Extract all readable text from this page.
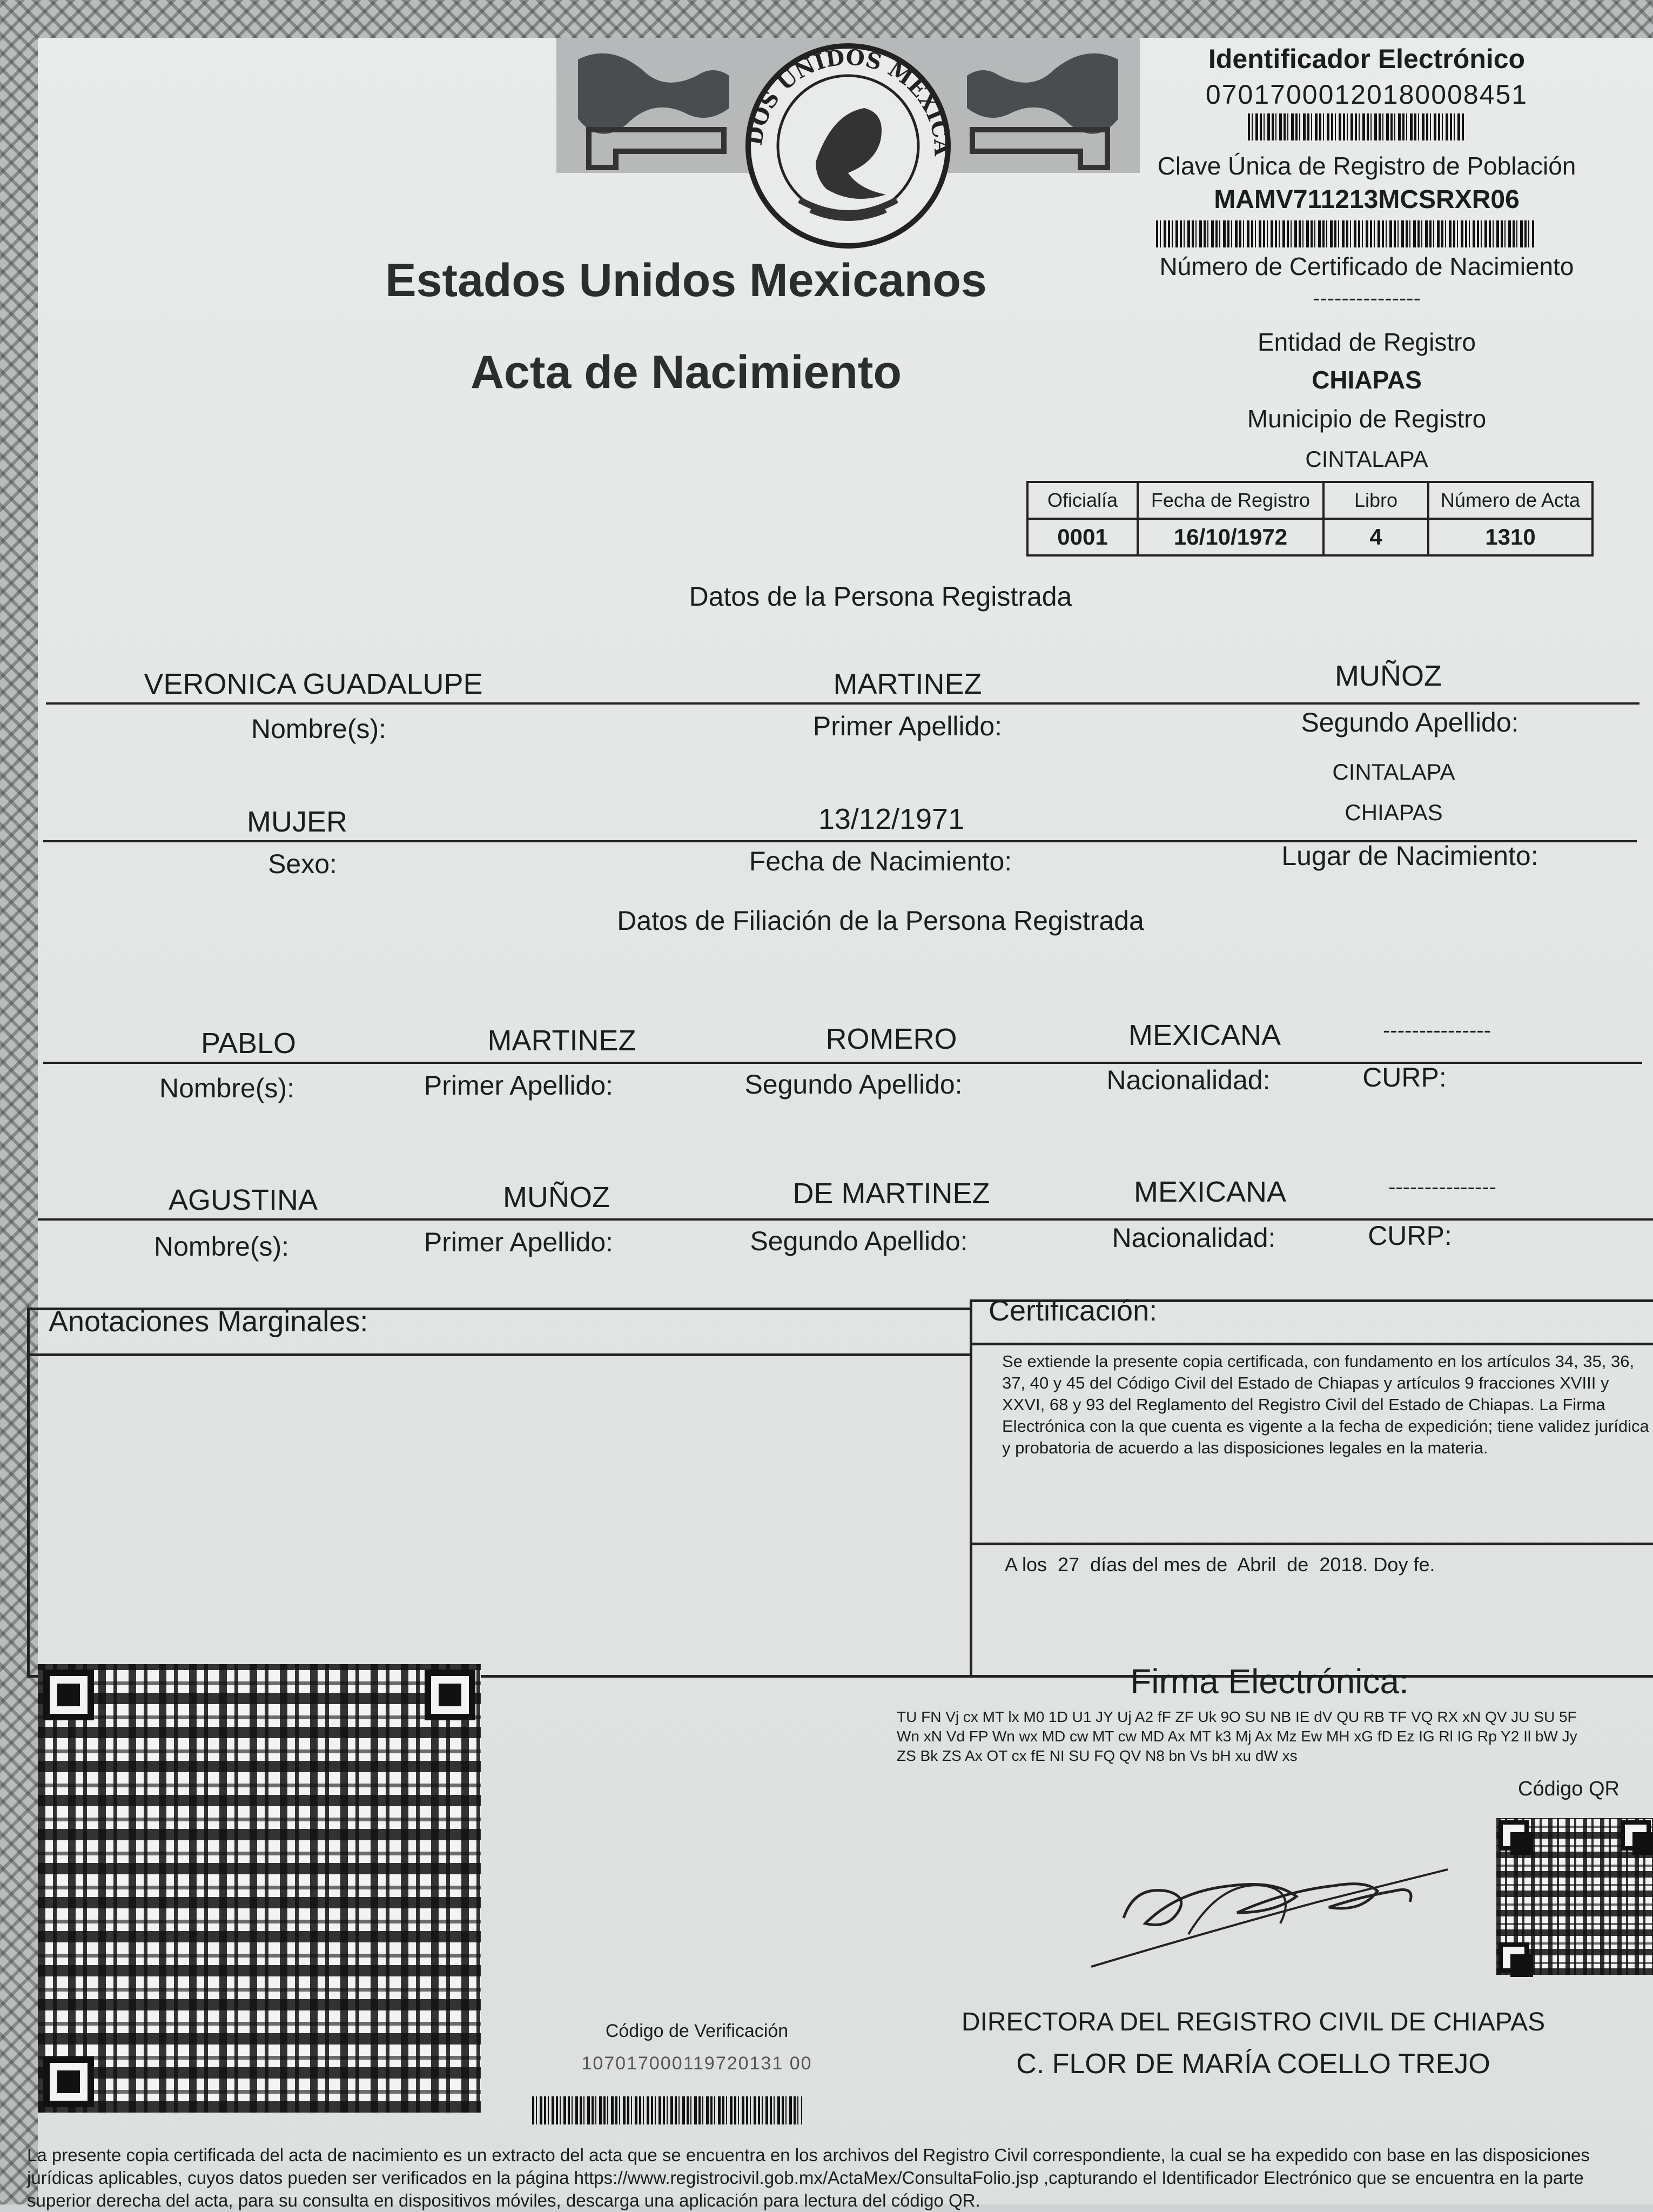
DOS UNIDOS MEXICA
Estados Unidos Mexicanos
Acta de Nacimiento
Identificador Electrónico
07017000120180008451
Clave Única de Registro de Población
MAMV711213MCSRXR06
Número de Certificado de Nacimiento
---------------
Entidad de Registro
CHIAPAS
Municipio de Registro
CINTALAPA
Oficialía	Fecha de Registro	Libro	Número de Acta
0001	16/10/1972	4	1310
Datos de la Persona Registrada
VERONICA GUADALUPE	MARTINEZ	MUÑOZ
Nombre(s):	Primer Apellido:	Segundo Apellido:
CINTALAPA
MUJER	13/12/1971	CHIAPAS
Sexo:	Fecha de Nacimiento:	Lugar de Nacimiento:
Datos de Filiación de la Persona Registrada
PABLO	MARTINEZ	ROMERO	MEXICANA	---------------
Nombre(s):	Primer Apellido:	Segundo Apellido:	Nacionalidad:	CURP:
AGUSTINA	MUÑOZ	DE MARTINEZ	MEXICANA	---------------
Nombre(s):	Primer Apellido:	Segundo Apellido:	Nacionalidad:	CURP:
Anotaciones Marginales:	Certificación:
Se extiende la presente copia certificada, con fundamento en los artículos 34, 35, 36, 37, 40 y 45 del Código Civil del Estado de Chiapas y artículos 9 fracciones XVIII y XXVI, 68 y 93 del Reglamento del Registro Civil del Estado de Chiapas. La Firma Electrónica con la que cuenta es vigente a la fecha de expedición; tiene validez jurídica y probatoria de acuerdo a las disposiciones legales en la materia.
A los  27  días del mes de  Abril  de  2018. Doy fe.
Firma Electrónica:
TU FN Vj cx MT lx M0 1D U1 JY Uj A2 fF ZF Uk 9O SU NB IE dV QU RB TF VQ RX xN QV JU SU 5F Wn xN Vd FP Wn wx MD cw MT cw MD Ax MT k3 Mj Ax Mz Ew MH xG fD Ez IG Rl IG Rp Y2 Il bW Jy ZS Bk ZS Ax OT cx fE NI SU FQ QV N8 bn Vs bH xu dW xs
Código QR
DIRECTORA DEL REGISTRO CIVIL DE CHIAPAS
C. FLOR DE MARÍA COELLO TREJO
Código de Verificación
107017000119720131 00
La presente copia certificada del acta de nacimiento es un extracto del acta que se encuentra en los archivos del Registro Civil correspondiente, la cual se ha expedido con base en las disposiciones jurídicas aplicables, cuyos datos pueden ser verificados en la página https://www.registrocivil.gob.mx/ActaMex/ConsultaFolio.jsp ,capturando el Identificador Electrónico que se encuentra en la parte superior derecha del acta, para su consulta en dispositivos móviles, descarga una aplicación para lectura del código QR.
